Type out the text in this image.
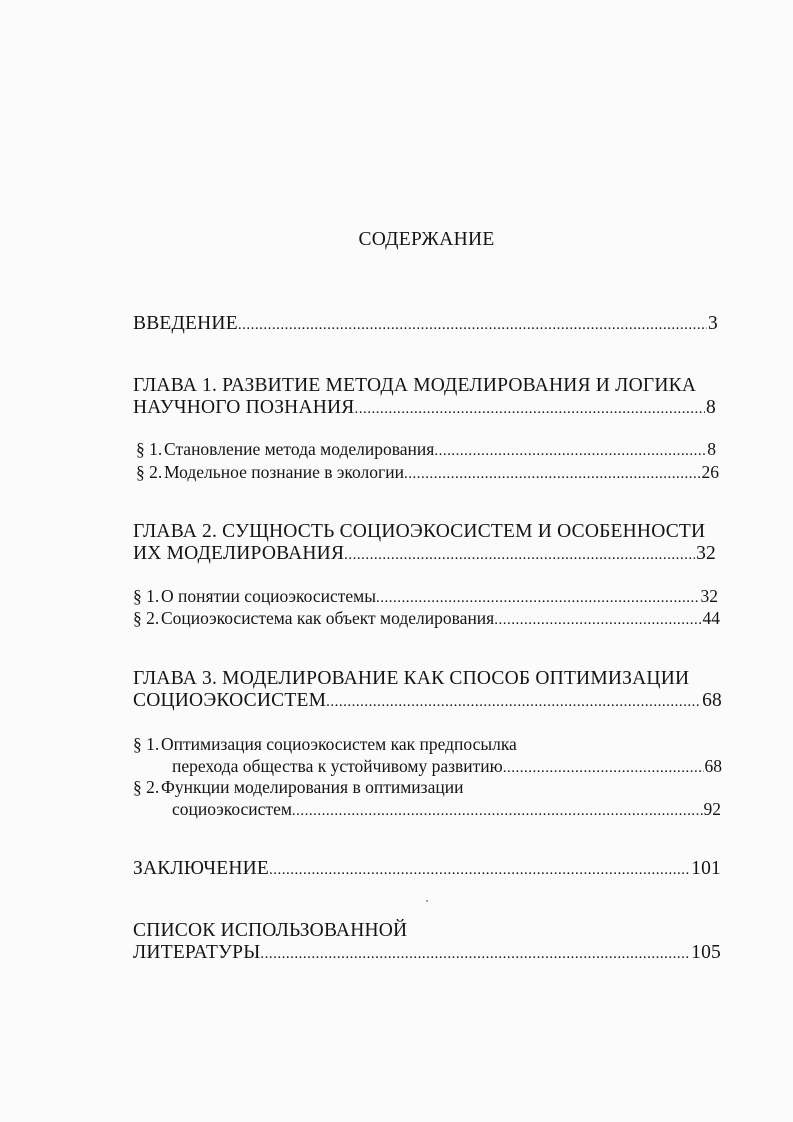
СОДЕРЖАНИЕ
ВВЕДЕНИЕ .....	3
ГЛАВА 1. РАЗВИТИЕ МЕТОДА МОДЕЛИРОВАНИЯ И ЛОГИКА
НАУЧНОГО ПОЗНАНИЯ .....	8
§ 1. Становление метода моделирования .....	8
§ 2. Модельное познание в экологии .....	26
ГЛАВА 2. СУЩНОСТЬ СОЦИОЭКОСИСТЕМ И ОСОБЕННОСТИ
ИХ МОДЕЛИРОВАНИЯ .....	32
§ 1. О понятии социоэкосистемы .....	32
§ 2. Социоэкосистема как объект моделирования .....	44
ГЛАВА 3. МОДЕЛИРОВАНИЕ КАК СПОСОБ ОПТИМИЗАЦИИ
СОЦИОЭКОСИСТЕМ .....	68
§ 1. Оптимизация социоэкосистем как предпосылка
перехода общества к устойчивому развитию .....	68
§ 2. Функции моделирования в оптимизации
социоэкосистем .....	92
ЗАКЛЮЧЕНИЕ .....	101
СПИСОК ИСПОЛЬЗОВАННОЙ
ЛИТЕРАТУРЫ .....	105
